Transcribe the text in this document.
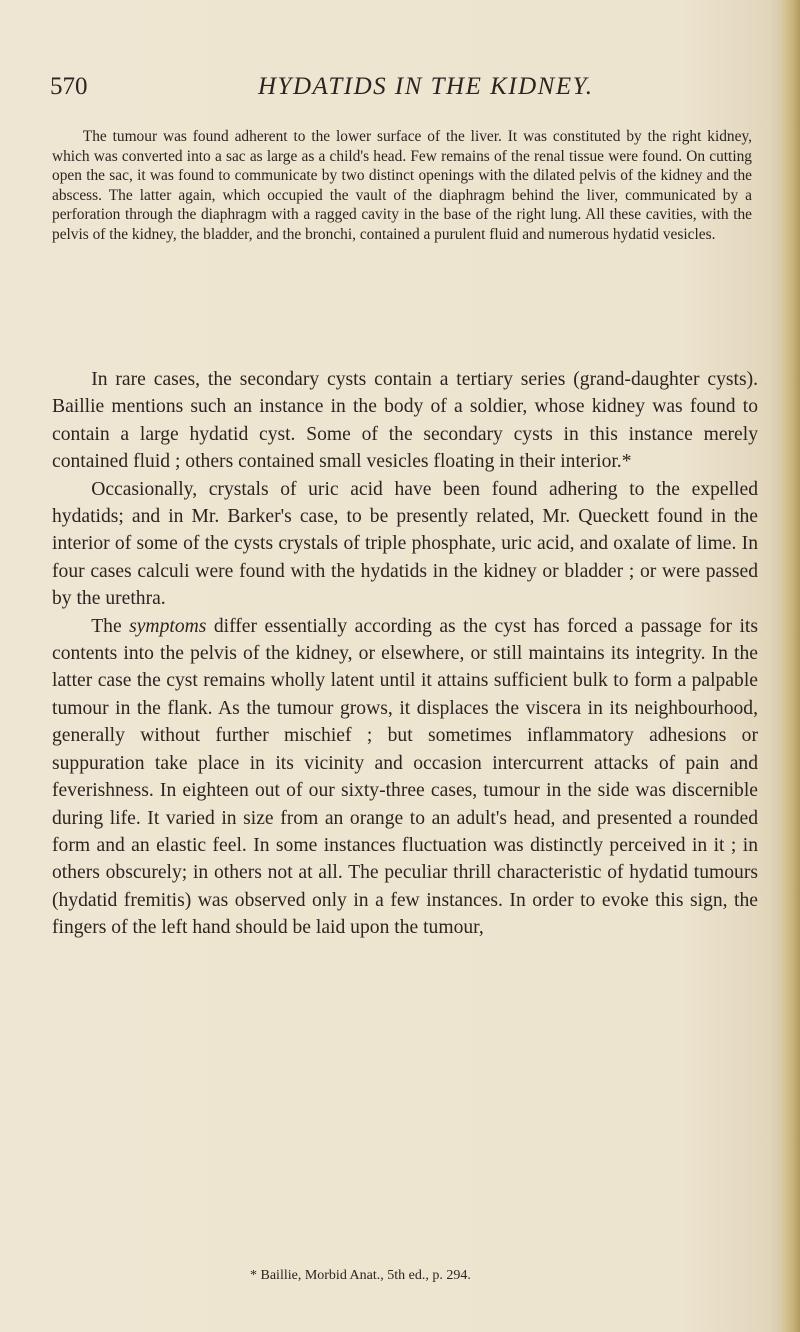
570	HYDATIDS IN THE KIDNEY.
The tumour was found adherent to the lower surface of the liver. It was constituted by the right kidney, which was converted into a sac as large as a child's head. Few remains of the renal tissue were found. On cutting open the sac, it was found to communicate by two distinct openings with the dilated pelvis of the kidney and the abscess. The latter again, which occupied the vault of the diaphragm behind the liver, communicated by a perforation through the diaphragm with a ragged cavity in the base of the right lung. All these cavities, with the pelvis of the kidney, the bladder, and the bronchi, contained a purulent fluid and numerous hydatid vesicles.

In rare cases, the secondary cysts contain a tertiary series (grand-daughter cysts). Baillie mentions such an instance in the body of a soldier, whose kidney was found to contain a large hydatid cyst. Some of the secondary cysts in this instance merely contained fluid ; others contained small vesicles floating in their interior.*

Occasionally, crystals of uric acid have been found adhering to the expelled hydatids; and in Mr. Barker's case, to be presently related, Mr. Queckett found in the interior of some of the cysts crystals of triple phosphate, uric acid, and oxalate of lime. In four cases calculi were found with the hydatids in the kidney or bladder ; or were passed by the urethra.

The symptoms differ essentially according as the cyst has forced a passage for its contents into the pelvis of the kidney, or elsewhere, or still maintains its integrity. In the latter case the cyst remains wholly latent until it attains sufficient bulk to form a palpable tumour in the flank. As the tumour grows, it displaces the viscera in its neighbourhood, generally without further mischief ; but sometimes inflammatory adhesions or suppuration take place in its vicinity and occasion intercurrent attacks of pain and feverishness. In eighteen out of our sixty-three cases, tumour in the side was discernible during life. It varied in size from an orange to an adult's head, and presented a rounded form and an elastic feel. In some instances fluctuation was distinctly perceived in it ; in others obscurely; in others not at all. The peculiar thrill characteristic of hydatid tumours (hydatid fremitis) was observed only in a few instances. In order to evoke this sign, the fingers of the left hand should be laid upon the tumour,

* Baillie, Morbid Anat., 5th ed., p. 294.
